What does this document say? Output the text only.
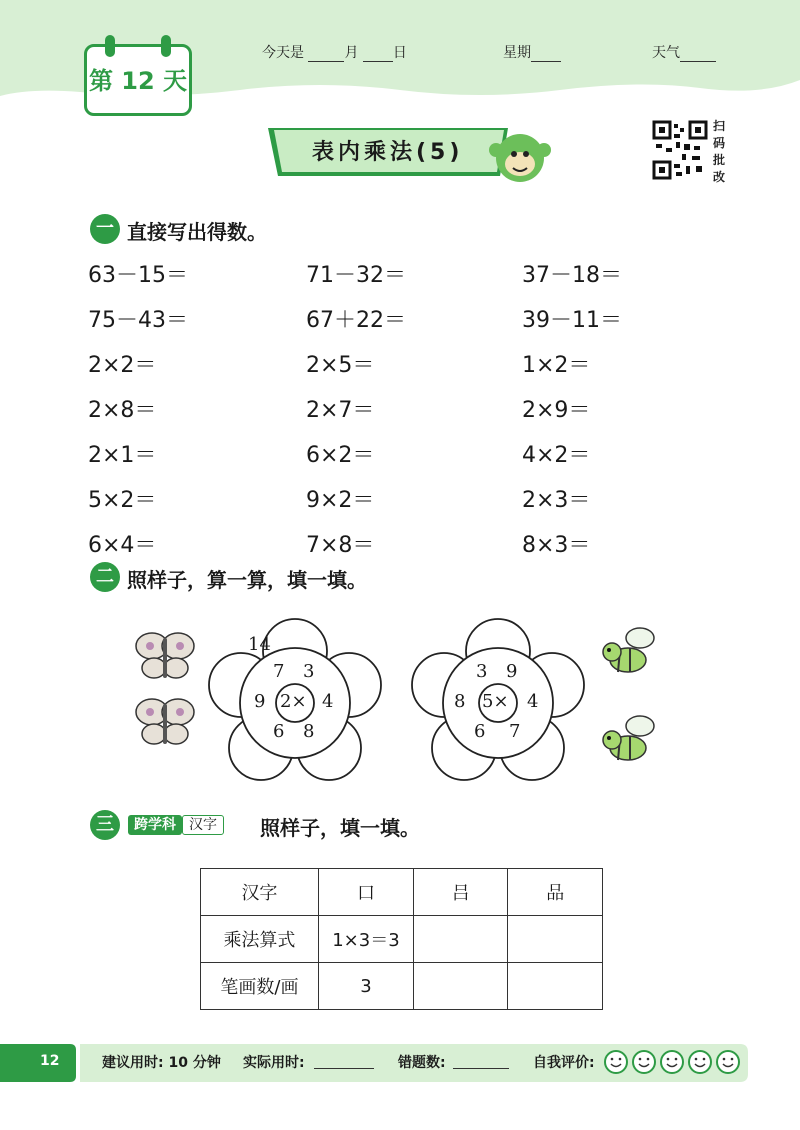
第 12 天
今天是	月 日	星期	天气
表内乘法(5)
扫
码
批
改
一 直接写出得数。
63－15＝	71－32＝	37－18＝
75－43＝	67＋22＝	39－11＝
2×2＝	2×5＝	1×2＝
2×8＝	2×7＝	2×9＝
2×1＝	6×2＝	4×2＝
5×2＝	9×2＝	2×3＝
6×4＝	7×8＝	8×3＝
二 照样子，算一算，填一填。
14
7 3
4
8
6
9 2×
3 9
4
7
6
8 5×
三	跨学科 汉字	照样子，填一填。
汉字	口	吕	品
乘法算式	1×3＝3		
笔画数/画	3		
12	建议用时: 10 分钟 实际用时:	错题数:	自我评价:
